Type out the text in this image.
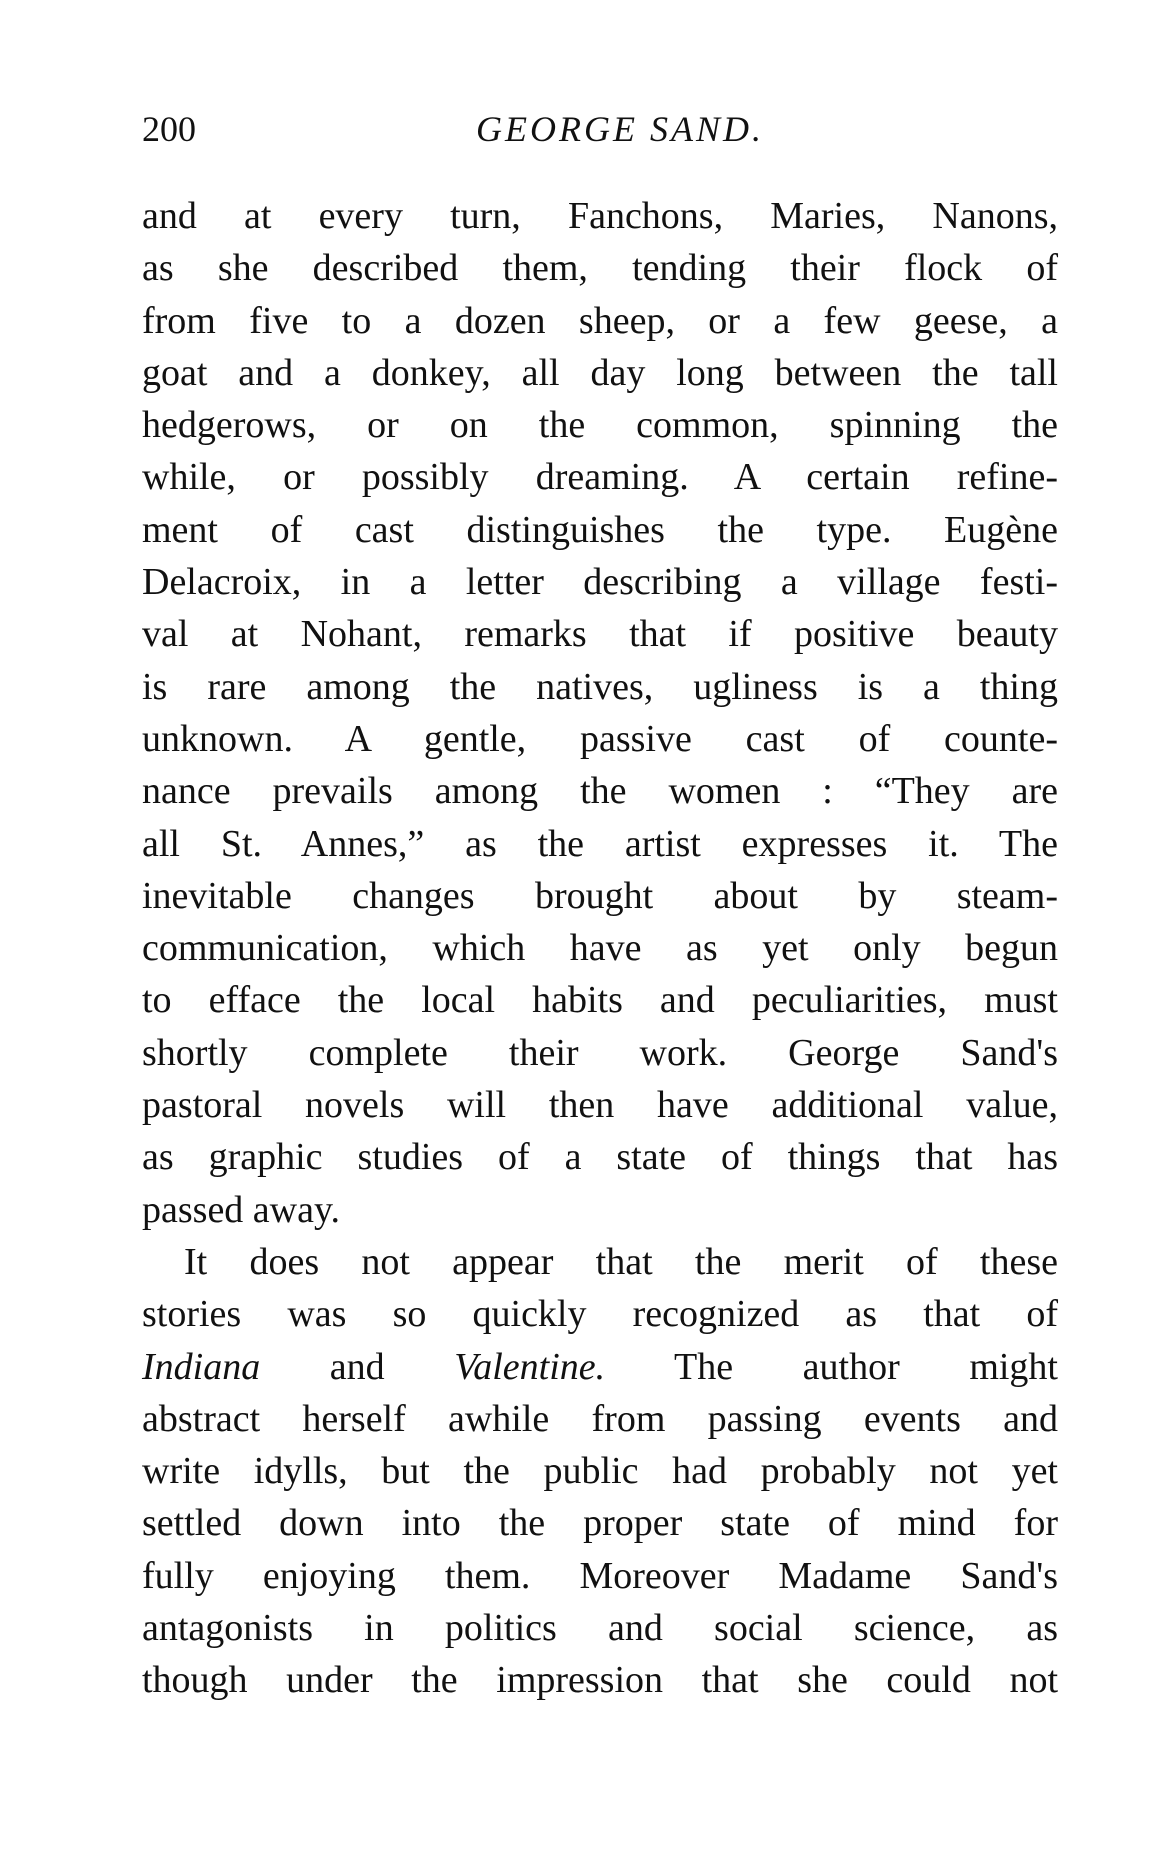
200	GEORGE SAND.
and at every turn, Fanchons, Maries, Nanons,
as she described them, tending their flock of
from five to a dozen sheep, or a few geese, a
goat and a donkey, all day long between the tall
hedgerows, or on the common, spinning the
while, or possibly dreaming. A certain refine-
ment of cast distinguishes the type. Eugène
Delacroix, in a letter describing a village festi-
val at Nohant, remarks that if positive beauty
is rare among the natives, ugliness is a thing
unknown. A gentle, passive cast of counte-
nance prevails among the women : “They are
all St. Annes,” as the artist expresses it. The
inevitable changes brought about by steam-
communication, which have as yet only begun
to efface the local habits and peculiarities, must
shortly complete their work. George Sand's
pastoral novels will then have additional value,
as graphic studies of a state of things that has
passed away.
It does not appear that the merit of these
stories was so quickly recognized as that of
Indiana and Valentine. The author might
abstract herself awhile from passing events and
write idylls, but the public had probably not yet
settled down into the proper state of mind for
fully enjoying them. Moreover Madame Sand's
antagonists in politics and social science, as
though under the impression that she could not
